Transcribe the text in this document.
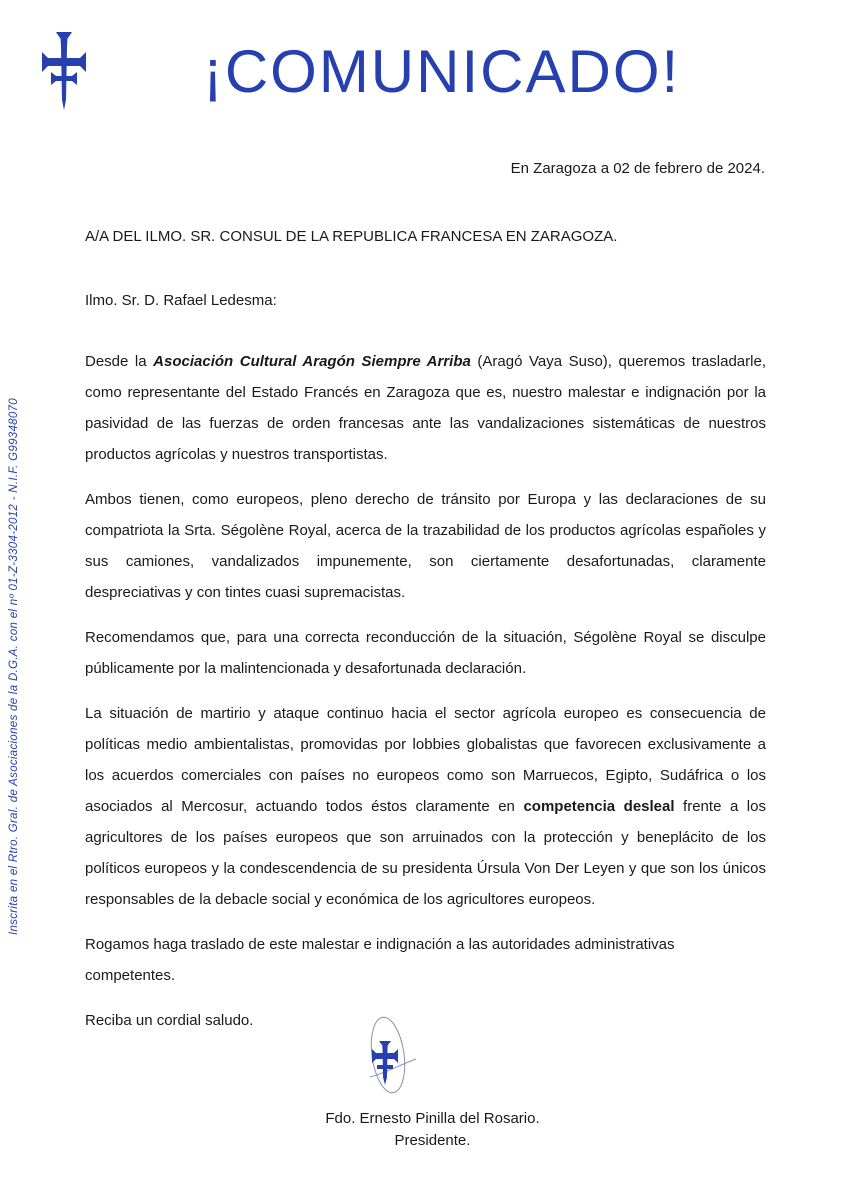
¡COMUNICADO!
Inscrita en el Rtro. Gral. de Asociaciones de la D.G.A. con el nº 01-Z-3304-2012 - N.I.F. G99348070
En Zaragoza a 02 de febrero de 2024.
A/A DEL ILMO. SR. CONSUL DE LA REPUBLICA FRANCESA EN ZARAGOZA.
Ilmo. Sr. D. Rafael Ledesma:

Desde la Asociación Cultural Aragón Siempre Arriba (Aragó Vaya Suso), queremos trasladarle, como representante del Estado Francés en Zaragoza que es, nuestro malestar e indignación por la pasividad de las fuerzas de orden francesas ante las vandalizaciones sistemáticas de nuestros productos agrícolas y nuestros transportistas.

Ambos tienen, como europeos, pleno derecho de tránsito por Europa y las declaraciones de su compatriota la Srta. Ségolène Royal, acerca de la trazabilidad de los productos agrícolas españoles y sus camiones, vandalizados impunemente, son ciertamente desafortunadas, claramente despreciativas y con tintes cuasi supremacistas.

Recomendamos que, para una correcta reconducción de la situación, Ségolène Royal se disculpe públicamente por la malintencionada y desafortunada declaración.

La situación de martirio y ataque continuo hacia el sector agrícola europeo es consecuencia de políticas medio ambientalistas, promovidas por lobbies globalistas que favorecen exclusivamente a los acuerdos comerciales con países no europeos como son Marruecos, Egipto, Sudáfrica o los asociados al Mercosur, actuando todos éstos claramente en competencia desleal frente a los agricultores de los países europeos que son arruinados con la protección y beneplácito de los políticos europeos y la condescendencia de su presidenta Úrsula Von Der Leyen y que son los únicos responsables de la debacle social y económica de los agricultores europeos.

Rogamos haga traslado de este malestar e indignación a las autoridades administrativas competentes.

Reciba un cordial saludo.

Fdo. Ernesto Pinilla del Rosario.
Presidente.
